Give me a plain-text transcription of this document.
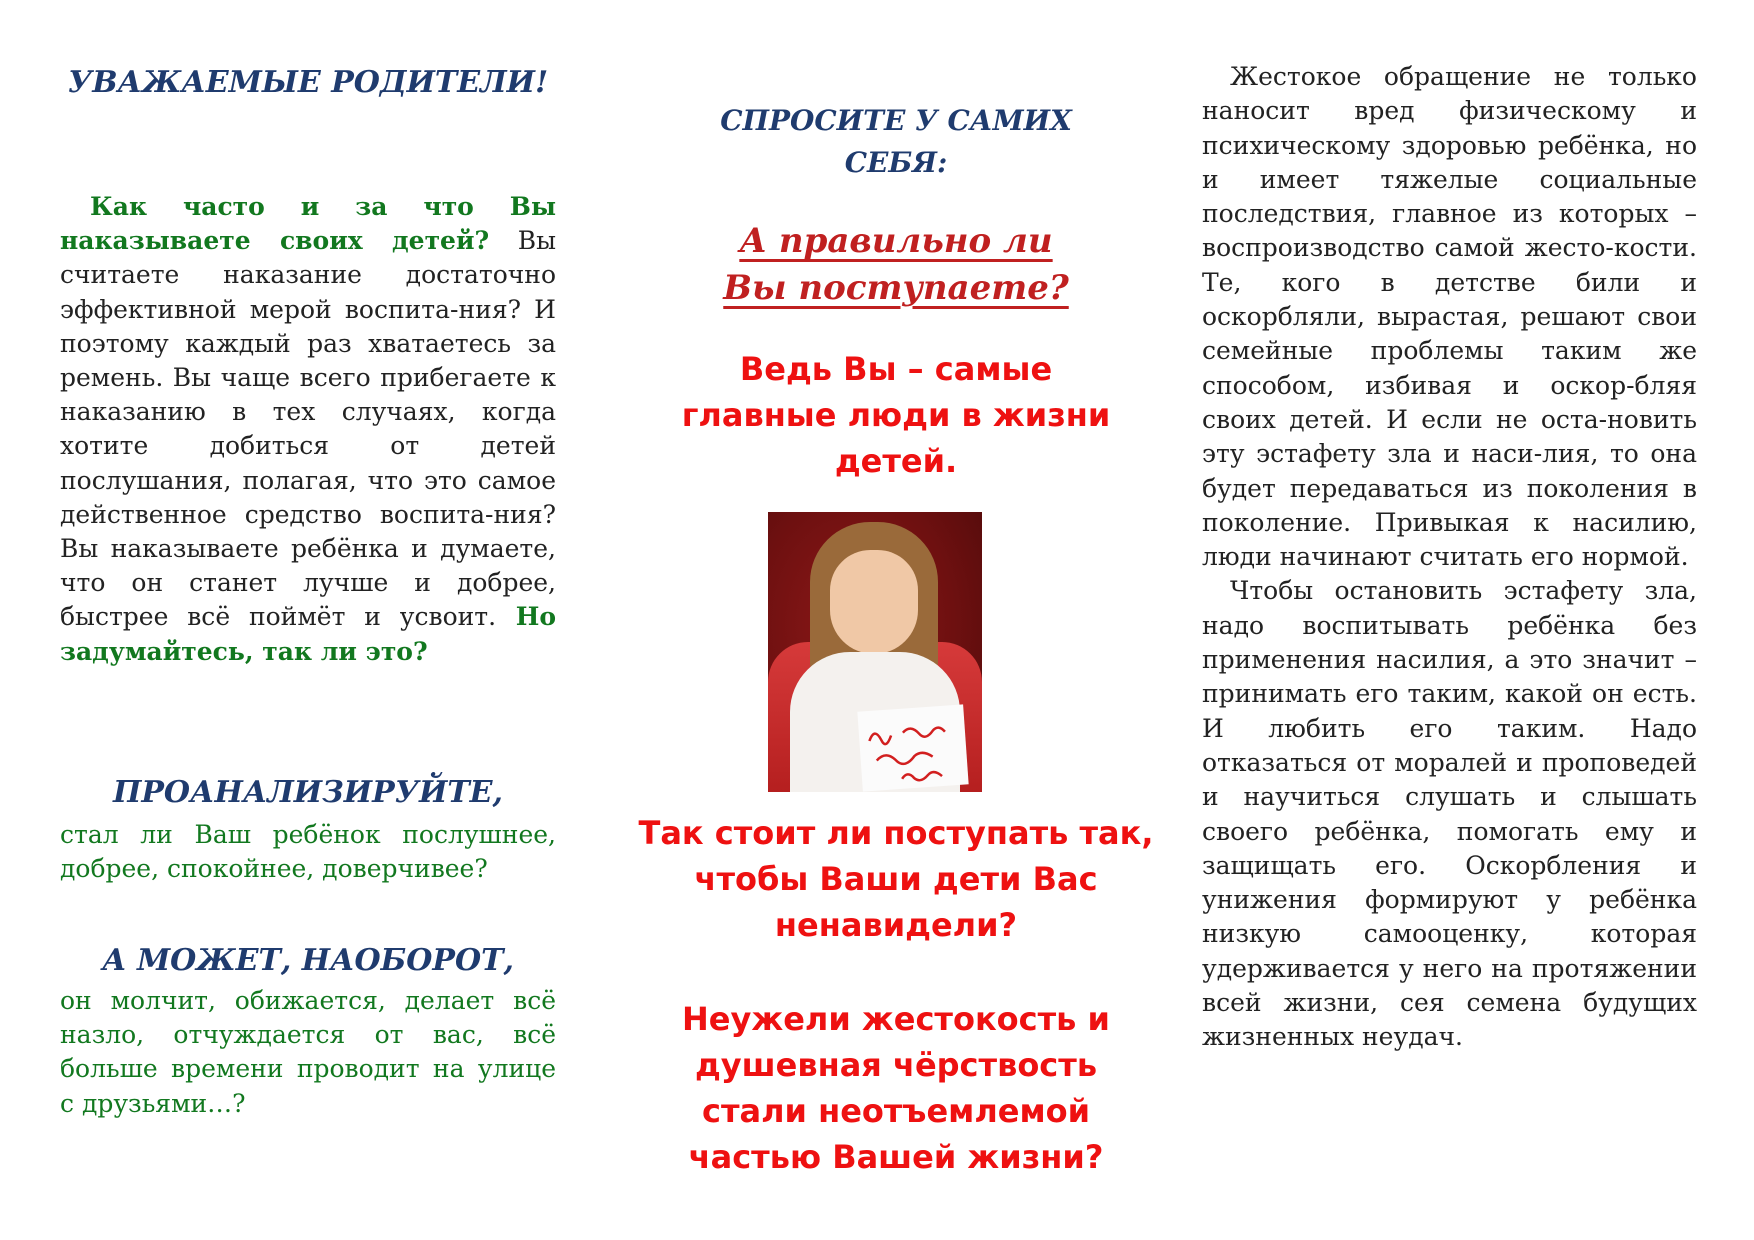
УВАЖАЕМЫЕ РОДИТЕЛИ!

Как часто и за что Вы наказываете своих детей? Вы считаете наказание достаточно эффективной мерой воспита-ния? И поэтому каждый раз хватаетесь за ремень. Вы чаще всего прибегаете к наказанию в тех случаях, когда хотите добиться от детей послушания, полагая, что это самое действенное средство воспита-ния? Вы наказываете ребёнка и думаете, что он станет лучше и добрее, быстрее всё поймёт и усвоит. Но задумайтесь, так ли это?

ПРОАНАЛИЗИРУЙТЕ,

стал ли Ваш ребёнок послушнее, добрее, спокойнее, доверчивее?

А МОЖЕТ, НАОБОРОТ,

он молчит, обижается, делает всё назло, отчуждается от вас, всё больше времени проводит на улице с друзьями…?

СПРОСИТЕ У САМИХ СЕБЯ:
А правильно ли Вы поступаете?

Ведь Вы – самые главные люди в жизни детей.

Так стоит ли поступать так, чтобы Ваши дети Вас ненавидели?

Неужели жестокость и душевная чёрствость стали неотъемлемой частью Вашей жизни?

Жестокое обращение не только наносит вред физическому и психическому здоровью ребёнка, но и имеет тяжелые социальные последствия, главное из которых – воспроизводство самой жесто-кости. Те, кого в детстве били и оскорбляли, вырастая, решают свои семейные проблемы таким же способом, избивая и оскор-бляя своих детей. И если не оста-новить эту эстафету зла и наси-лия, то она будет передаваться из поколения в поколение. Привыкая к насилию, люди начинают считать его нормой.

Чтобы остановить эстафету зла, надо воспитывать ребёнка без применения насилия, а это значит – принимать его таким, какой он есть. И любить его таким. Надо отказаться от моралей и проповедей и научиться слушать и слышать своего ребёнка, помогать ему и защищать его. Оскорбления и унижения формируют у ребёнка низкую самооценку, которая удерживается у него на протяжении всей жизни, сея семена будущих жизненных неудач.
